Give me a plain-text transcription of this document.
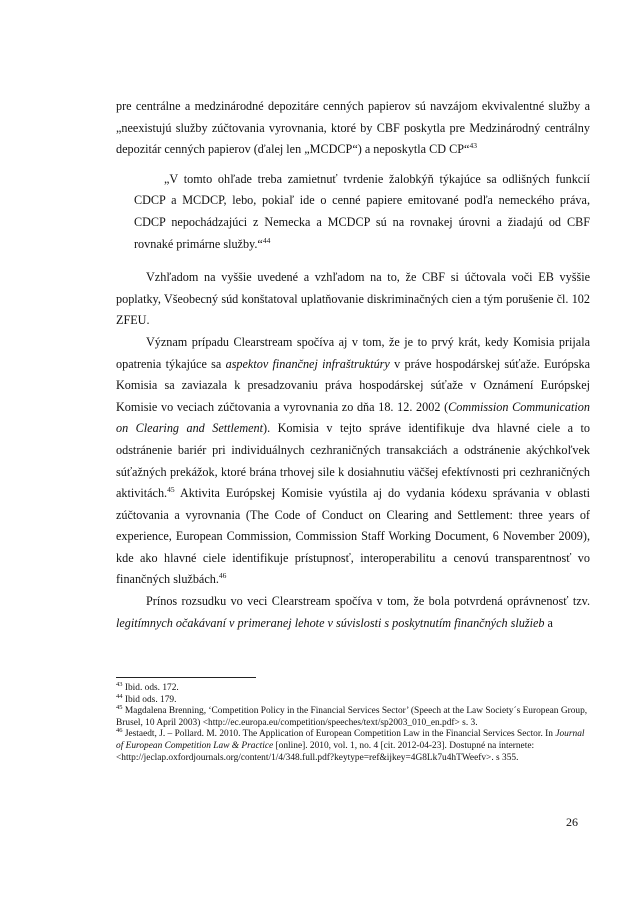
pre centrálne a medzinárodné depozitáre cenných papierov sú navzájom ekvivalentné služby a „neexistujú služby zúčtovania vyrovnania, ktoré by CBF poskytla pre Medzinárodný centrálny depozitár cenných papierov (ďalej len „MCDCP“) a neposkytla CD CP“$^{43}$

„V tomto ohľade treba zamietnuť tvrdenie žalobkýň týkajúce sa odlišných funkcií CDCP a MCDCP, lebo, pokiaľ ide o cenné papiere emitované podľa nemeckého práva, CDCP nepochádzajúci z Nemecka a MCDCP sú na rovnakej úrovni a žiadajú od CBF rovnaké primárne služby.“$^{44}$

Vzhľadom na vyššie uvedené a vzhľadom na to, že CBF si účtovala voči EB vyššie poplatky, Všeobecný súd konštatoval uplatňovanie diskriminačných cien a tým porušenie čl. 102 ZFEU.

Význam prípadu Clearstream spočíva aj v tom, že je to prvý krát, kedy Komisia prijala opatrenia týkajúce sa aspektov finančnej infraštruktúry v práve hospodárskej súťaže. Európska Komisia sa zaviazala k presadzovaniu práva hospodárskej súťaže v Oznámení Európskej Komisie vo veciach zúčtovania a vyrovnania zo dňa 18. 12. 2002 (Commission Communication on Clearing and Settlement). Komisia v tejto správe identifikuje dva hlavné ciele a to odstránenie bariér pri individuálnych cezhraničných transakciách a odstránenie akýchkoľvek súťažných prekážok, ktoré brána trhovej sile k dosiahnutiu väčšej efektívnosti pri cezhraničných aktivitách.$^{45}$ Aktivita Európskej Komisie vyústila aj do vydania kódexu správania v oblasti zúčtovania a vyrovnania (The Code of Conduct on Clearing and Settlement: three years of experience, European Commission, Commission Staff Working Document, 6 November 2009), kde ako hlavné ciele identifikuje prístupnosť, interoperabilitu a cenovú transparentnosť vo finančných službách.$^{46}$

Prínos rozsudku vo veci Clearstream spočíva v tom, že bola potvrdená oprávnenosť tzv. legitímnych očakávaní v primeranej lehote v súvislosti s poskytnutím finančných služieb a

$^{43}$ Ibid. ods. 172.
$^{44}$ Ibid ods. 179.
$^{45}$ Magdalena Brenning, ‘Competition Policy in the Financial Services Sector’ (Speech at the Law Society´s European Group, Brusel, 10 April 2003) <http://ec.europa.eu/competition/speeches/text/sp2003_010_en.pdf> s. 3.
$^{46}$ Jestaedt, J. – Pollard. M. 2010. The Application of European Competition Law in the Financial Services Sector. In Journal of European Competition Law & Practice [online]. 2010, vol. 1, no. 4 [cit. 2012-04-23]. Dostupné na internete:
<http://jeclap.oxfordjournals.org/content/1/4/348.full.pdf?keytype=ref&ijkey=4G8Lk7u4hTWeefv>. s 355.
26
